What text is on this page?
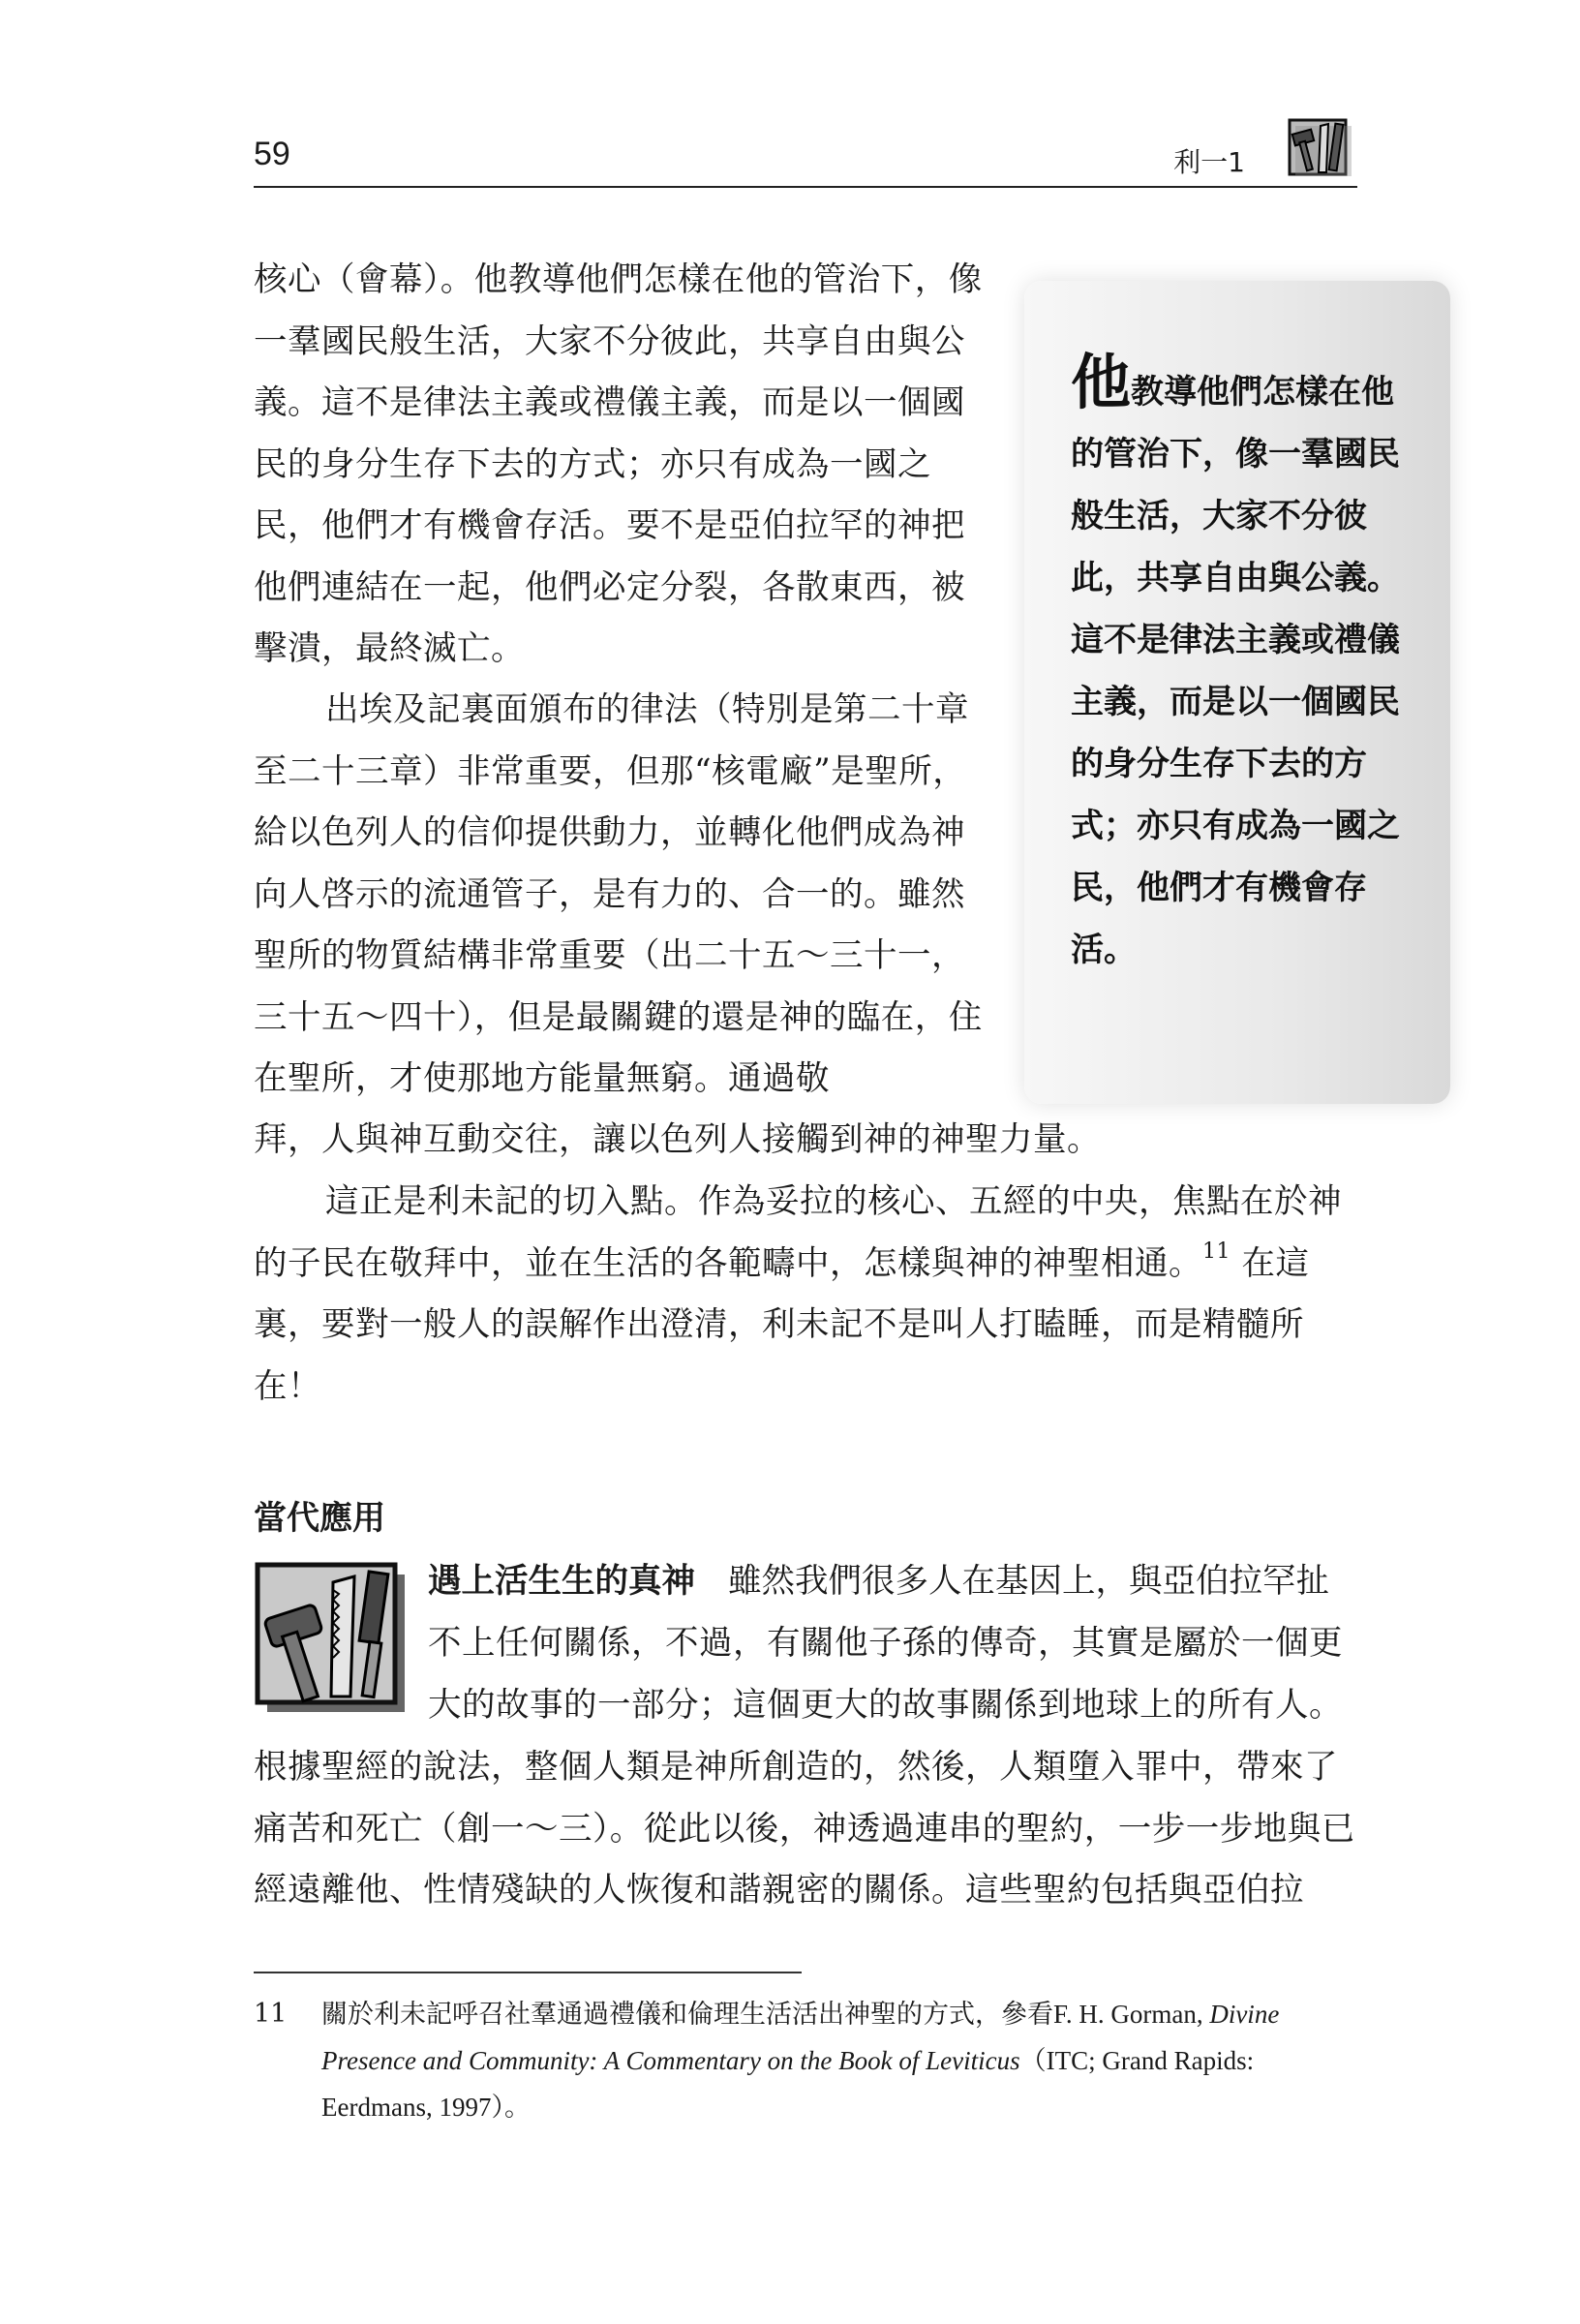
59	利一1

核心（會幕）。他教導他們怎樣在他的管治下，像一羣國民般生活，大家不分彼此，共享自由與公義。這不是律法主義或禮儀主義，而是以一個國民的身分生存下去的方式；亦只有成為一國之民，他們才有機會存活。要不是亞伯拉罕的神把他們連結在一起，他們必定分裂，各散東西，被擊潰，最終滅亡。

出埃及記裏面頒布的律法（特別是第二十章至二十三章）非常重要，但那“核電廠”是聖所，給以色列人的信仰提供動力，並轉化他們成為神向人啓示的流通管子，是有力的、合一的。雖然聖所的物質結構非常重要（出二十五～三十一，三十五～四十），但是最關鍵的還是神的臨在，住在聖所，才使那地方能量無窮。通過敬

拜，人與神互動交往，讓以色列人接觸到神的神聖力量。

這正是利未記的切入點。作為妥拉的核心、五經的中央，焦點在於神的子民在敬拜中，並在生活的各範疇中，怎樣與神的神聖相通。$^{11}$ 在這裏，要對一般人的誤解作出澄清，利未記不是叫人打瞌睡，而是精髓所在！

他教導他們怎樣在他的管治下，像一羣國民般生活，大家不分彼此，共享自由與公義。這不是律法主義或禮儀主義，而是以一個國民的身分生存下去的方式；亦只有成為一國之民，他們才有機會存活。

當代應用

遇上活生生的真神 雖然我們很多人在基因上，與亞伯拉罕扯

不上任何關係，不過，有關他子孫的傳奇，其實是屬於一個更大的故事的一部分；這個更大的故事關係到地球上的所有人。

根據聖經的說法，整個人類是神所創造的，然後，人類墮入罪中，帶來了痛苦和死亡（創一～三）。從此以後，神透過連串的聖約，一步一步地與已經遠離他、性情殘缺的人恢復和諧親密的關係。這些聖約包括與亞伯拉

11 關於利未記呼召社羣通過禮儀和倫理生活活出神聖的方式，參看F. H. Gorman, Divine Presence and Community: A Commentary on the Book of Leviticus（ITC; Grand Rapids: Eerdmans, 1997）。
